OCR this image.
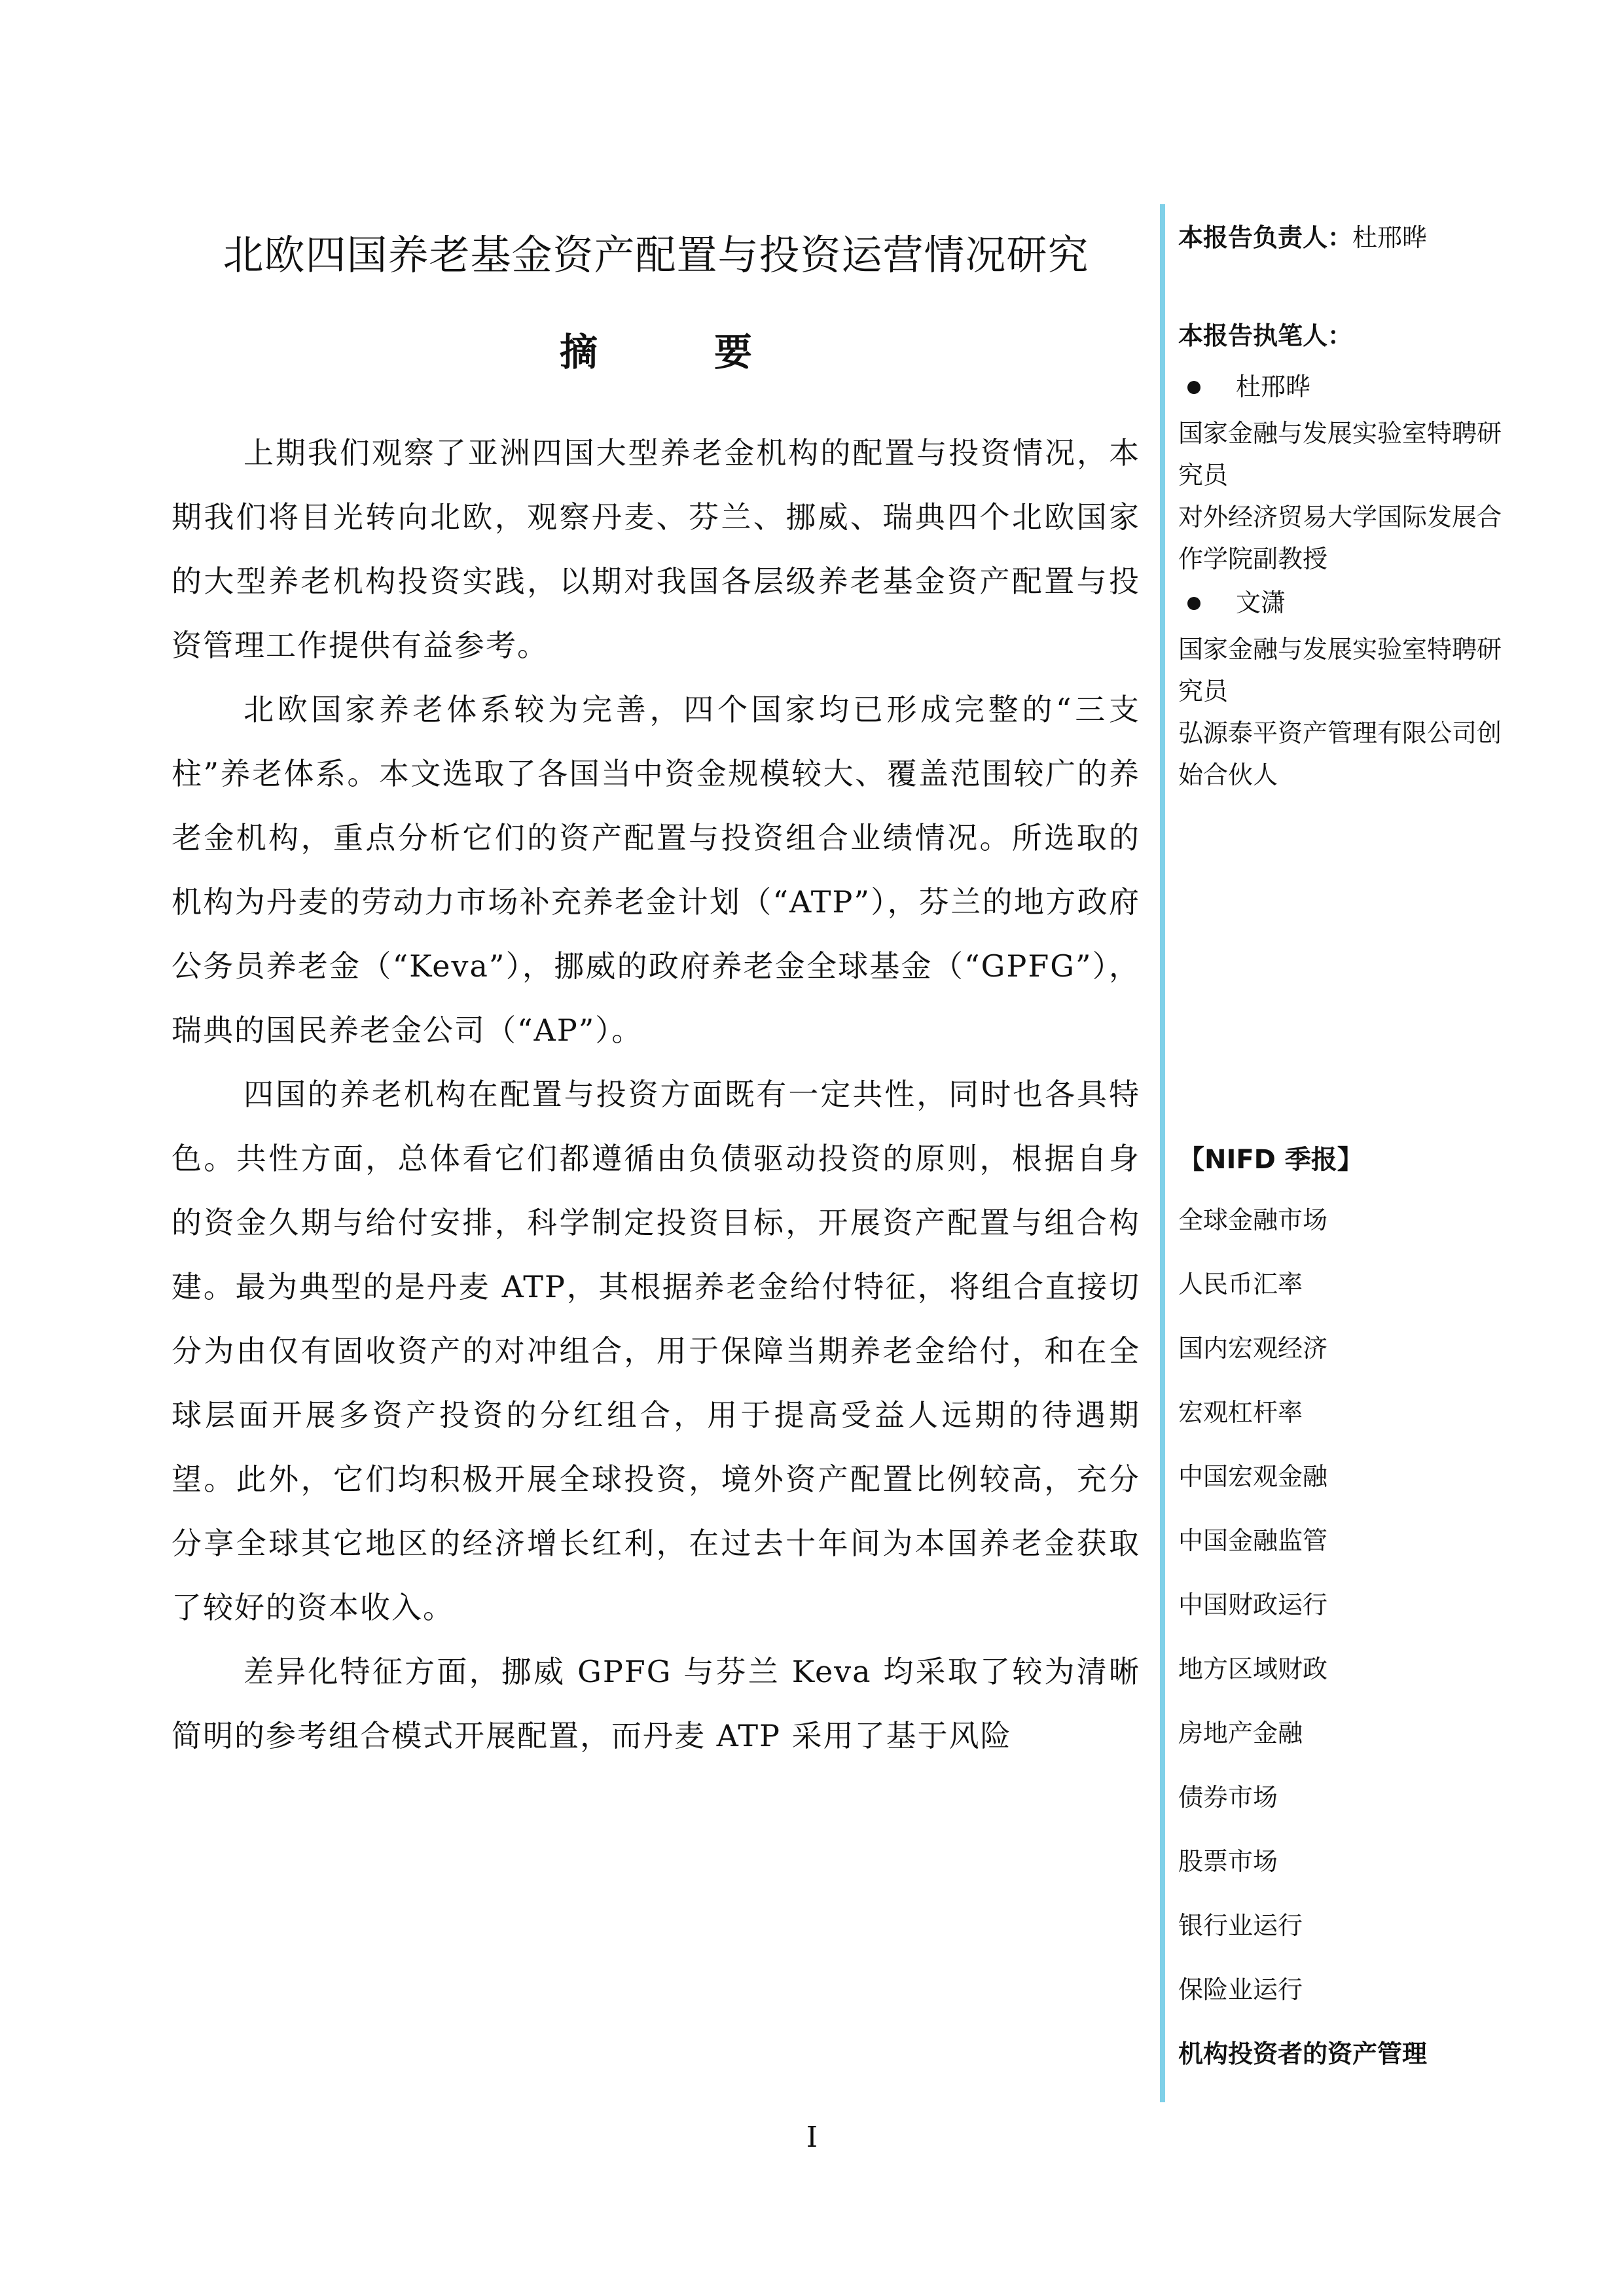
北欧四国养老基金资产配置与投资运营情况研究
摘　要

上期我们观察了亚洲四国大型养老金机构的配置与投资情况，本期我们将目光转向北欧，观察丹麦、芬兰、挪威、瑞典四个北欧国家的大型养老机构投资实践，以期对我国各层级养老基金资产配置与投资管理工作提供有益参考。

北欧国家养老体系较为完善，四个国家均已形成完整的“三支柱”养老体系。本文选取了各国当中资金规模较大、覆盖范围较广的养老金机构，重点分析它们的资产配置与投资组合业绩情况。所选取的机构为丹麦的劳动力市场补充养老金计划（“ATP”），芬兰的地方政府公务员养老金（“Keva”），挪威的政府养老金全球基金（“GPFG”），瑞典的国民养老金公司（“AP”）。

四国的养老机构在配置与投资方面既有一定共性，同时也各具特色。共性方面，总体看它们都遵循由负债驱动投资的原则，根据自身的资金久期与给付安排，科学制定投资目标，开展资产配置与组合构建。最为典型的是丹麦 ATP，其根据养老金给付特征，将组合直接切分为由仅有固收资产的对冲组合，用于保障当期养老金给付，和在全球层面开展多资产投资的分红组合，用于提高受益人远期的待遇期望。此外，它们均积极开展全球投资，境外资产配置比例较高，充分分享全球其它地区的经济增长红利，在过去十年间为本国养老金获取了较好的资本收入。

差异化特征方面，挪威 GPFG 与芬兰 Keva 均采取了较为清晰简明的参考组合模式开展配置，而丹麦 ATP 采用了基于风险

本报告负责人：杜邢晔

本报告执笔人：

杜邢晔

国家金融与发展实验室特聘研究员

对外经济贸易大学国际发展合作学院副教授

文潇

国家金融与发展实验室特聘研究员

弘源泰平资产管理有限公司创始合伙人

【NIFD 季报】
全球金融市场
人民币汇率
国内宏观经济
宏观杠杆率
中国宏观金融
中国金融监管
中国财政运行
地方区域财政
房地产金融
债券市场
股票市场
银行业运行
保险业运行
机构投资者的资产管理
I
